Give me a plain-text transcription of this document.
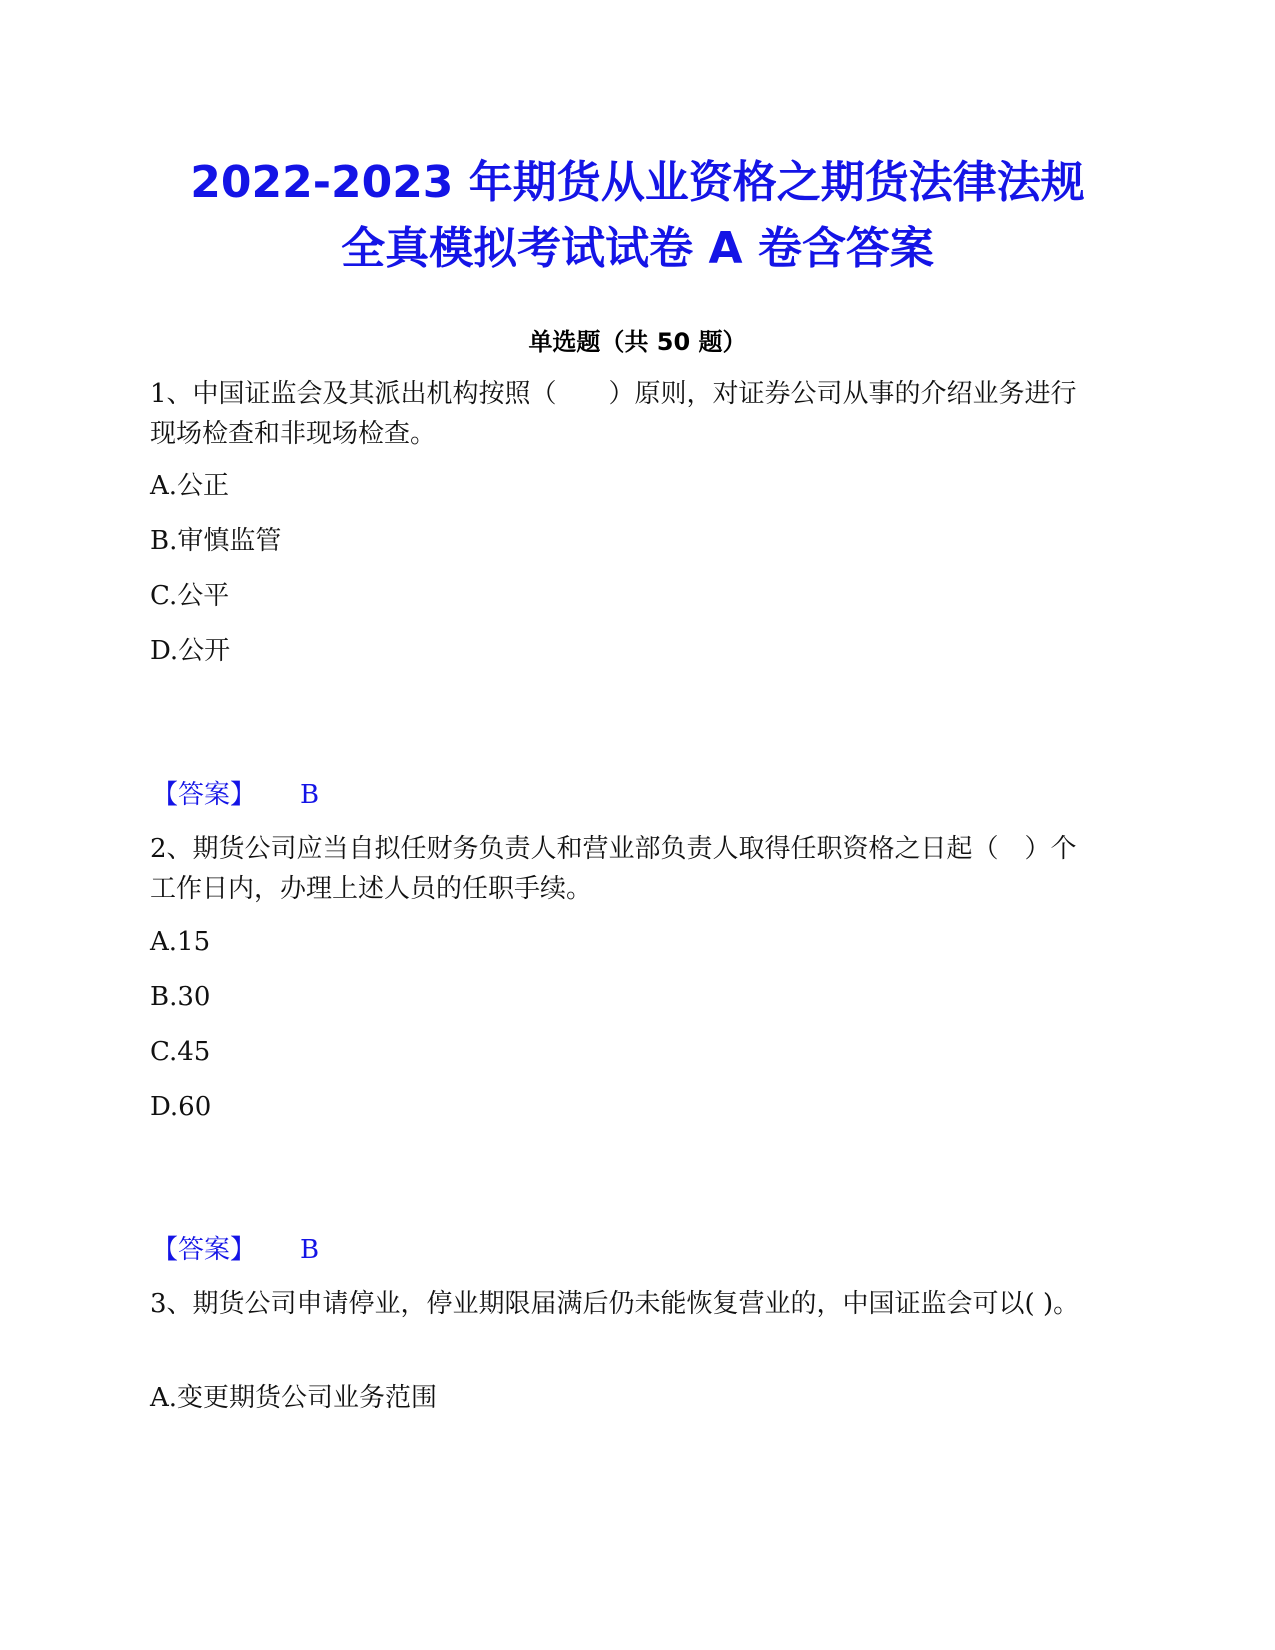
2022-2023 年期货从业资格之期货法律法规
全真模拟考试试卷 A 卷含答案
单选题（共 50 题）

1、中国证监会及其派出机构按照（　　）原则，对证券公司从事的介绍业务进行现场检查和非现场检查。

A.公正

B.审慎监管

C.公平

D.公开

【答案】 B

2、期货公司应当自拟任财务负责人和营业部负责人取得任职资格之日起（　）个工作日内，办理上述人员的任职手续。

A.15

B.30

C.45

D.60

【答案】 B

3、期货公司申请停业，停业期限届满后仍未能恢复营业的，中国证监会可以( )。

A.变更期货公司业务范围
